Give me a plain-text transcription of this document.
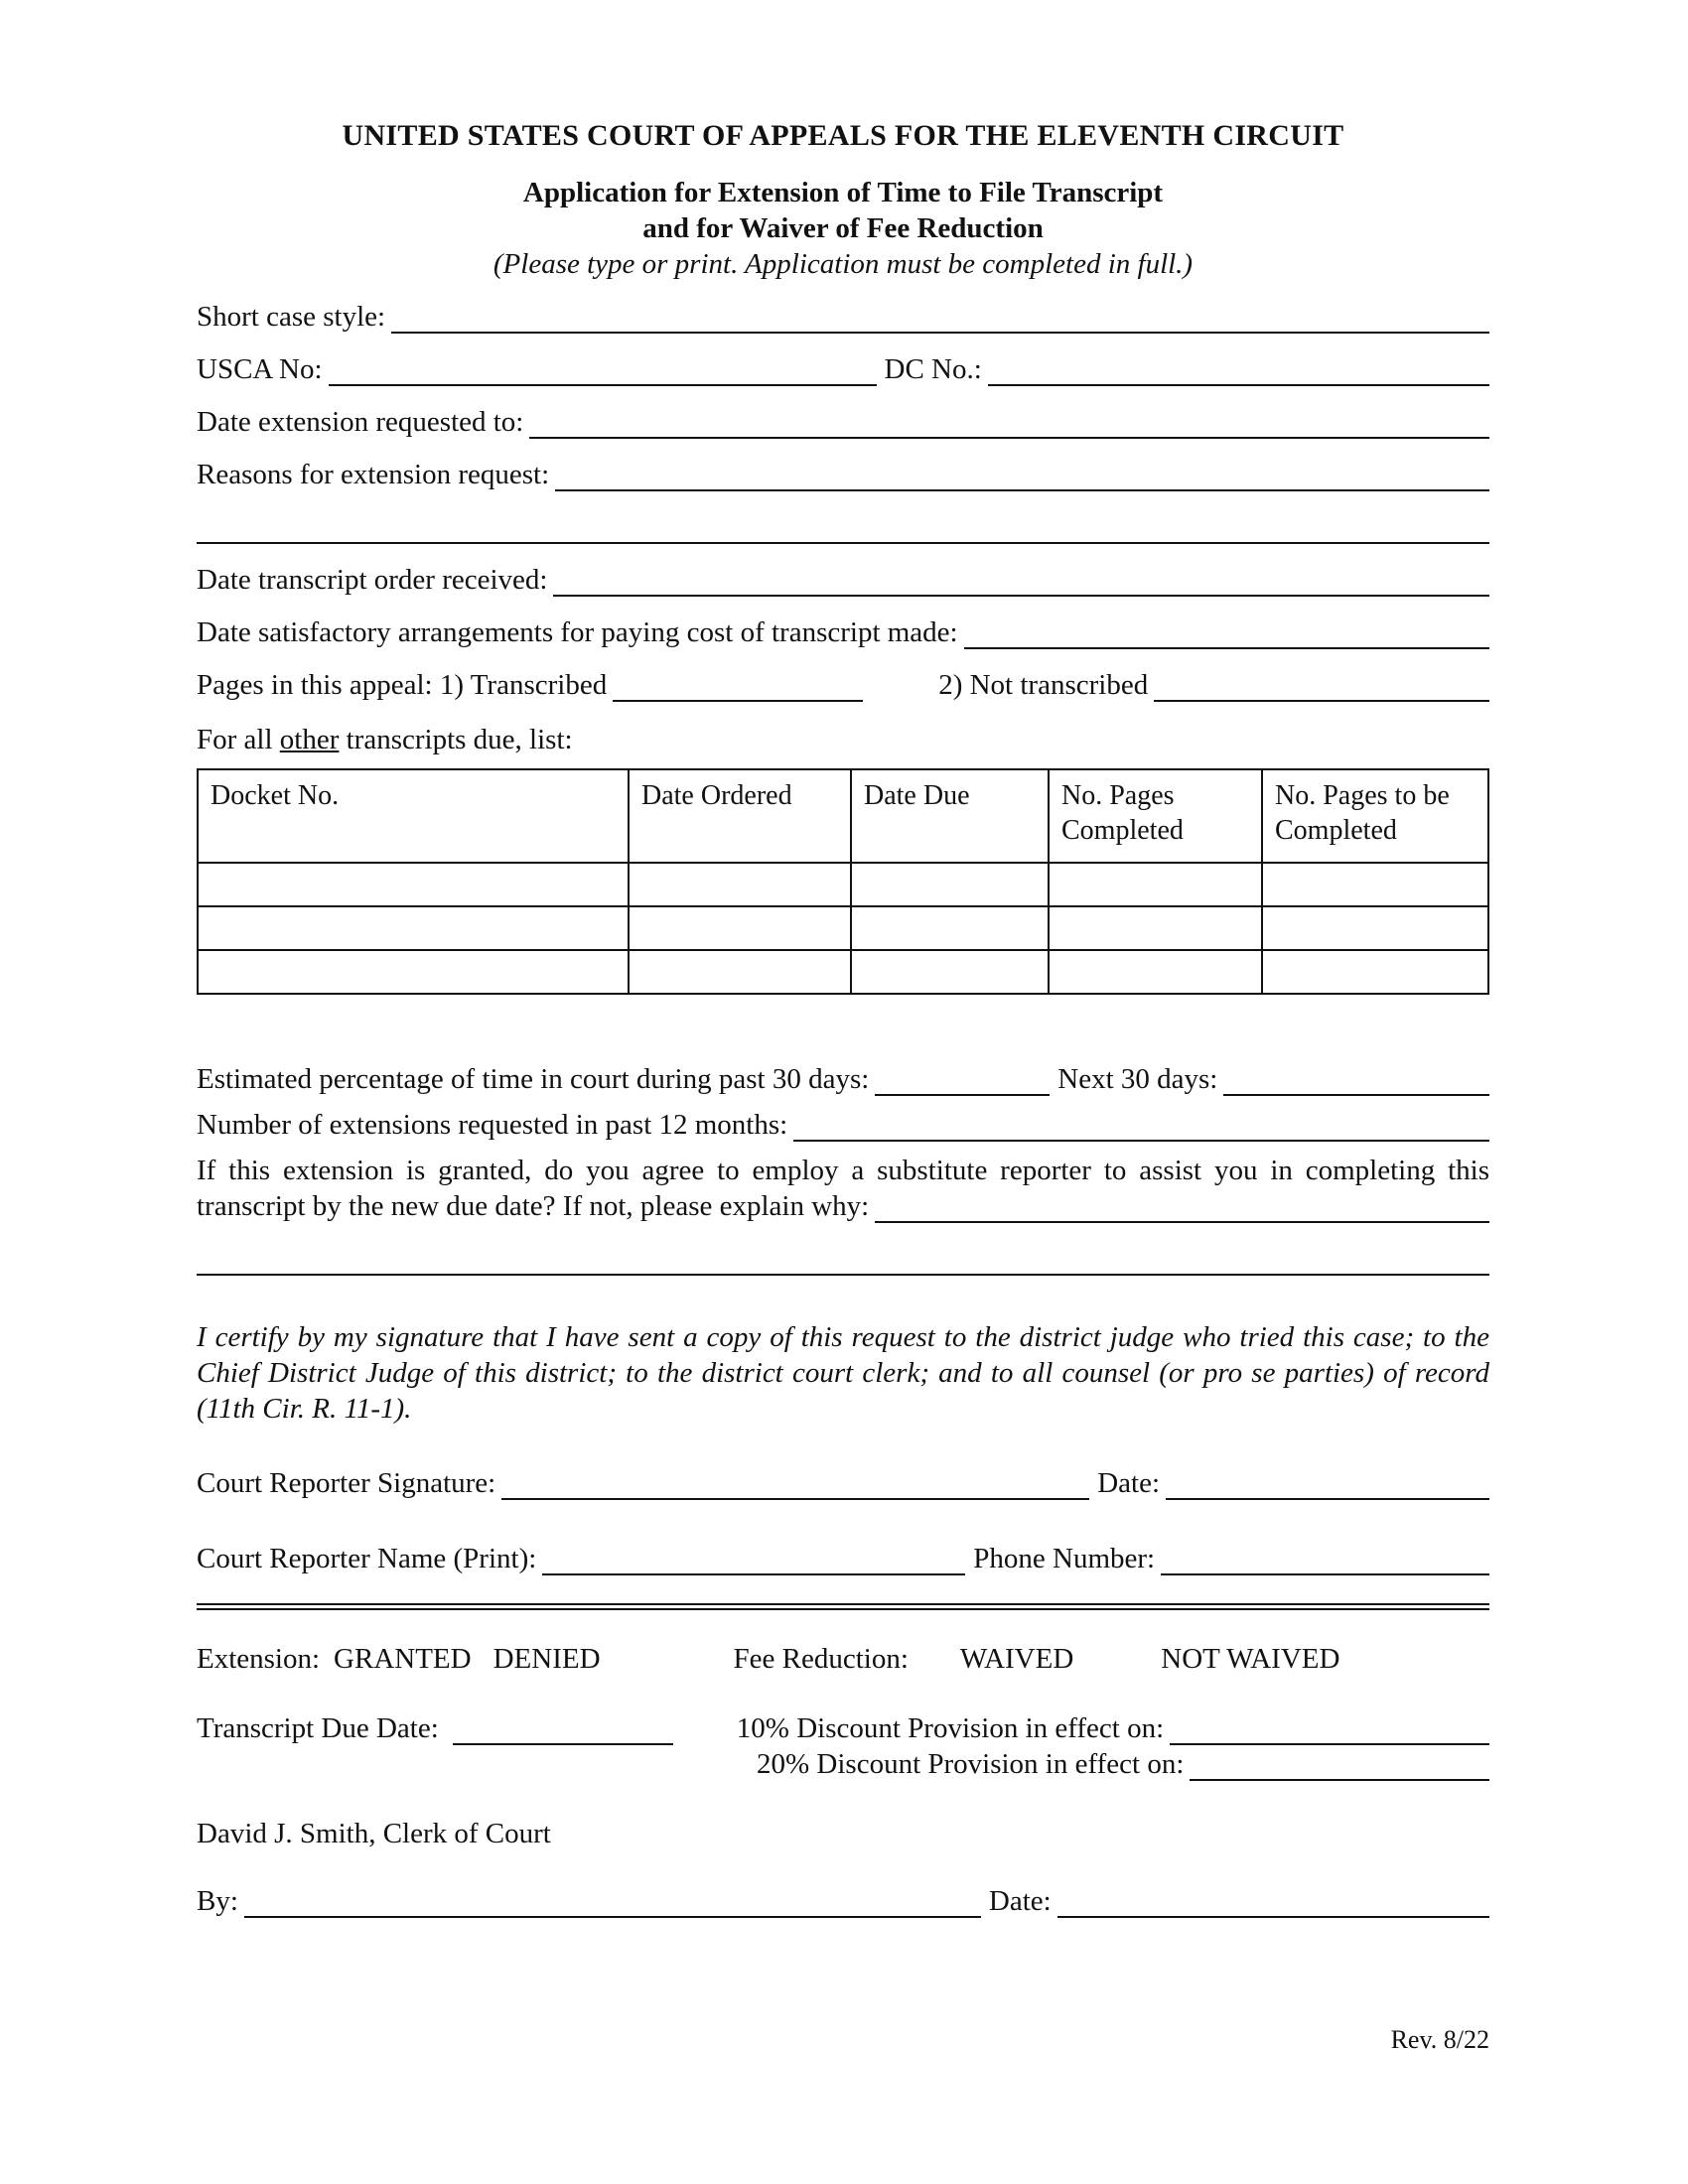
UNITED STATES COURT OF APPEALS FOR THE ELEVENTH CIRCUIT

Application for Extension of Time to File Transcript

and for Waiver of Fee Reduction

(Please type or print. Application must be completed in full.)

Short case style:
USCA No:	DC No.:
Date extension requested to:
Reasons for extension request:
Date transcript order received:
Date satisfactory arrangements for paying cost of transcript made:
Pages in this appeal: 1) Transcribed	2) Not transcribed
For all other transcripts due, list:
Docket No.	Date Ordered	Date Due	No. Pages Completed	No. Pages to be Completed

Estimated percentage of time in court during past 30 days:	Next 30 days:
Number of extensions requested in past 12 months:
If this extension is granted, do you agree to employ a substitute reporter to assist you in completing this
transcript by the new due date? If not, please explain why:

I certify by my signature that I have sent a copy of this request to the district judge who tried this case; to the Chief District Judge of this district; to the district court clerk; and to all counsel (or pro se parties) of record (11th Cir. R. 11-1).

Court Reporter Signature:	Date:
Court Reporter Name (Print):	Phone Number:
Extension: GRANTED DENIED	Fee Reduction: WAIVED	NOT WAIVED
Transcript Due Date:	10% Discount Provision in effect on:
20% Discount Provision in effect on:
David J. Smith, Clerk of Court
By:	Date:
Rev. 8/22
